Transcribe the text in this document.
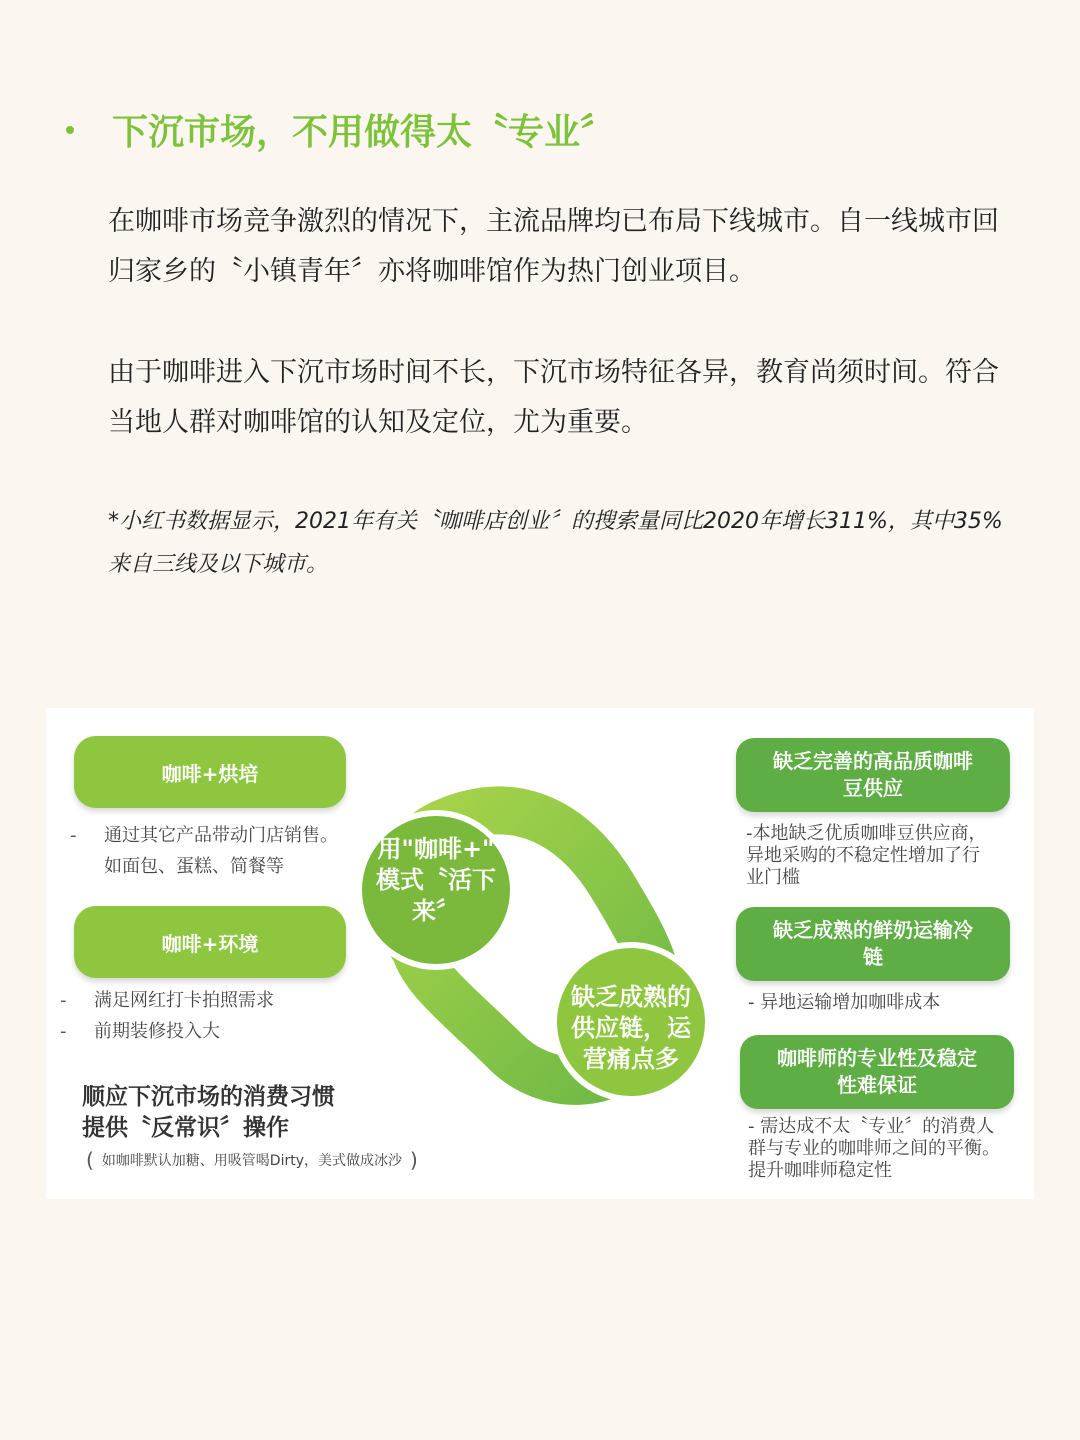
下沉市场，不用做得太〝专业〞
在咖啡市场竞争激烈的情况下，主流品牌均已布局下线城市。自一线城市回归家乡的〝小镇青年〞亦将咖啡馆作为热门创业项目。
由于咖啡进入下沉市场时间不长，下沉市场特征各异，教育尚须时间。符合当地人群对咖啡馆的认知及定位，尤为重要。
*小红书数据显示，2021年有关〝咖啡店创业〞的搜索量同比2020年增长311%，其中35%来自三线及以下城市。
咖啡+烘培
-	通过其它产品带动门店销售。
如面包、蛋糕、简餐等
咖啡+环境
-	满足网红打卡拍照需求
-	前期装修投入大
顺应下沉市场的消费习惯
提供〝反常识〞操作
( 如咖啡默认加糖、用吸管喝Dirty，美式做成冰沙 )
用"咖啡+"
模式〝活下
来〞
缺乏成熟的
供应链，运
营痛点多
缺乏完善的高品质咖啡
豆供应
-本地缺乏优质咖啡豆供应商，
异地采购的不稳定性增加了行
业门槛
缺乏成熟的鲜奶运输冷
链
- 异地运输增加咖啡成本
咖啡师的专业性及稳定
性难保证
- 需达成不太〝专业〞的消费人
群与专业的咖啡师之间的平衡。
提升咖啡师稳定性
